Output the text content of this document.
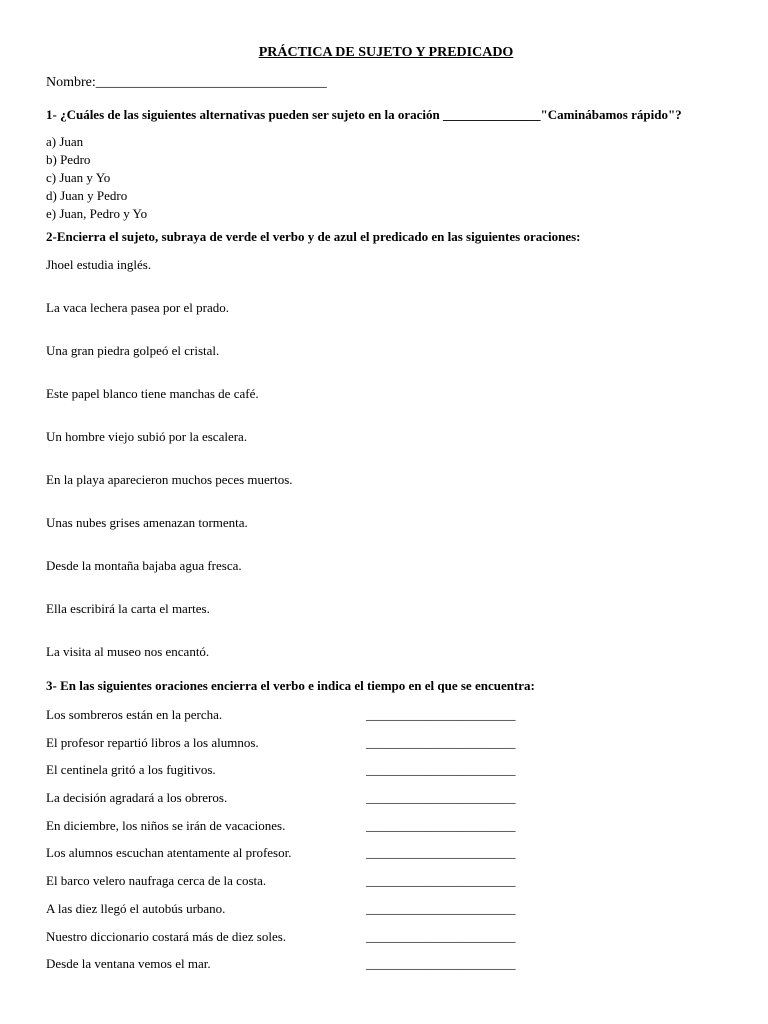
PRÁCTICA DE SUJETO Y PREDICADO
Nombre:_________________________________
1- ¿Cuáles de las siguientes alternativas pueden ser sujeto en la oración _______________"Caminábamos rápido"?
a) Juan
b) Pedro
c) Juan y Yo
d) Juan y Pedro
e) Juan, Pedro y Yo
2-Encierra el sujeto, subraya de verde el verbo y de azul el predicado en las siguientes oraciones:
Jhoel estudia inglés.
La vaca lechera pasea por el prado.
Una gran piedra golpeó el cristal.
Este papel blanco tiene manchas de café.
Un hombre viejo subió por la escalera.
En la playa aparecieron muchos peces muertos.
Unas nubes grises amenazan tormenta.
Desde la montaña bajaba agua fresca.
Ella escribirá la carta el martes.
La visita al museo nos encantó.
3- En las siguientes oraciones encierra el verbo e indica el tiempo en el que se encuentra:
Los sombreros están en la percha.	_______________________
El profesor repartió libros a los alumnos.	_______________________
El centinela gritó a los fugitivos.	_______________________
La decisión agradará a los obreros.	_______________________
En diciembre, los niños se irán de vacaciones.	_______________________
Los alumnos escuchan atentamente al profesor.	_______________________
El barco velero naufraga cerca de la costa.	_______________________
A las diez llegó el autobús urbano.	_______________________
Nuestro diccionario costará más de diez soles.	_______________________
Desde la ventana vemos el mar.	_______________________
